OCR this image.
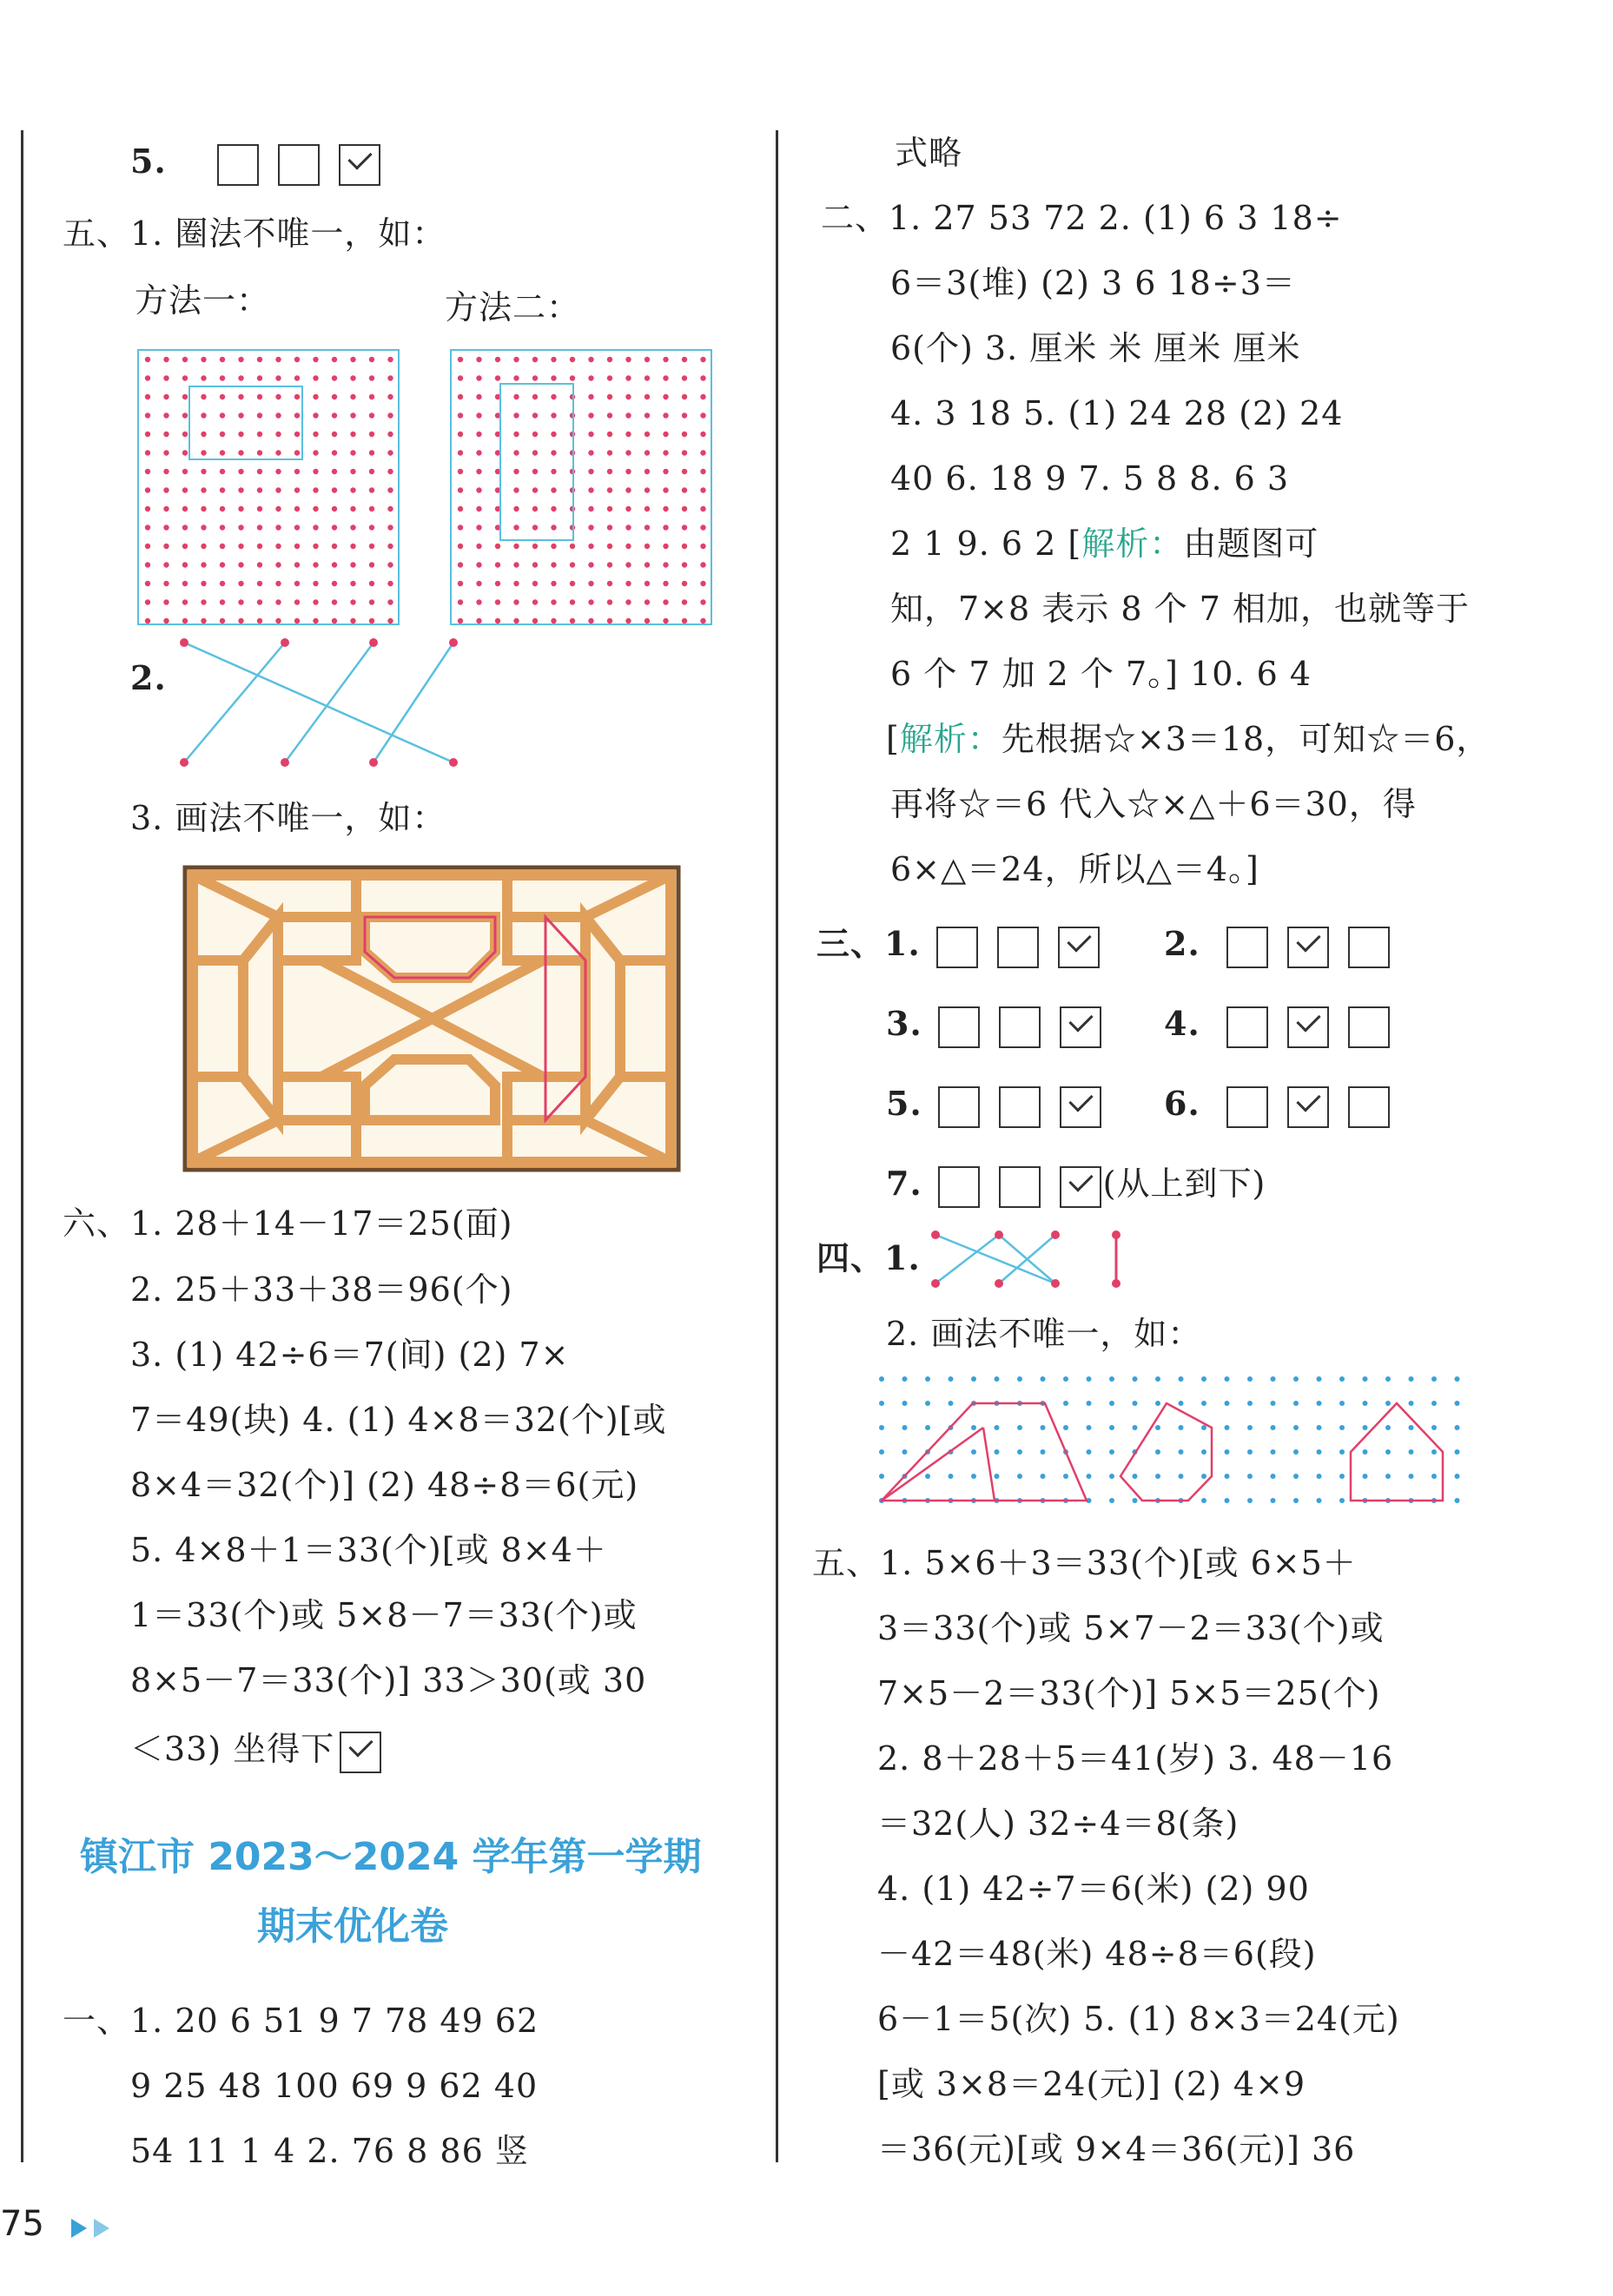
5.
五、1. 圈法不唯一，如：
方法一：	方法二：
2.
3. 画法不唯一，如：
六、1. 28＋14－17＝25(面)
2. 25＋33＋38＝96(个)
3. (1) 42÷6＝7(间) (2) 7×
7＝49(块) 4. (1) 4×8＝32(个)[或
8×4＝32(个)] (2) 48÷8＝6(元)
5. 4×8＋1＝33(个)[或 8×4＋
1＝33(个)或 5×8－7＝33(个)或
8×5－7＝33(个)] 33＞30(或 30
＜33) 坐得下
镇江市 2023～2024 学年第一学期
期末优化卷
一、1. 20 6 51 9 7 78 49 62
9 25 48 100 69 9 62 40
54 11 1 4 2. 76 8 86 竖
式略
二、1. 27 53 72 2. (1) 6 3 18÷
6＝3(堆) (2) 3 6 18÷3＝
6(个) 3. 厘米 米 厘米 厘米
4. 3 18 5. (1) 24 28 (2) 24
40 6. 18 9 7. 5 8 8. 6 3
2 1 9. 6 2 [解析：由题图可
知，7×8 表示 8 个 7 相加，也就等于
6 个 7 加 2 个 7。] 10. 6 4
[解析：先根据☆×3＝18，可知☆＝6，
再将☆＝6 代入☆×△＋6＝30，得
6×△＝24，所以△＝4。]
三、1.	2.
3.	4.
5.	6.
7.	(从上到下)
四、1.
2. 画法不唯一，如：
五、1. 5×6＋3＝33(个)[或 6×5＋
3＝33(个)或 5×7－2＝33(个)或
7×5－2＝33(个)] 5×5＝25(个)
2. 8＋28＋5＝41(岁) 3. 48－16
＝32(人) 32÷4＝8(条)
4. (1) 42÷7＝6(米) (2) 90
－42＝48(米) 48÷8＝6(段)
6－1＝5(次) 5. (1) 8×3＝24(元)
[或 3×8＝24(元)] (2) 4×9
＝36(元)[或 9×4＝36(元)] 36
75
